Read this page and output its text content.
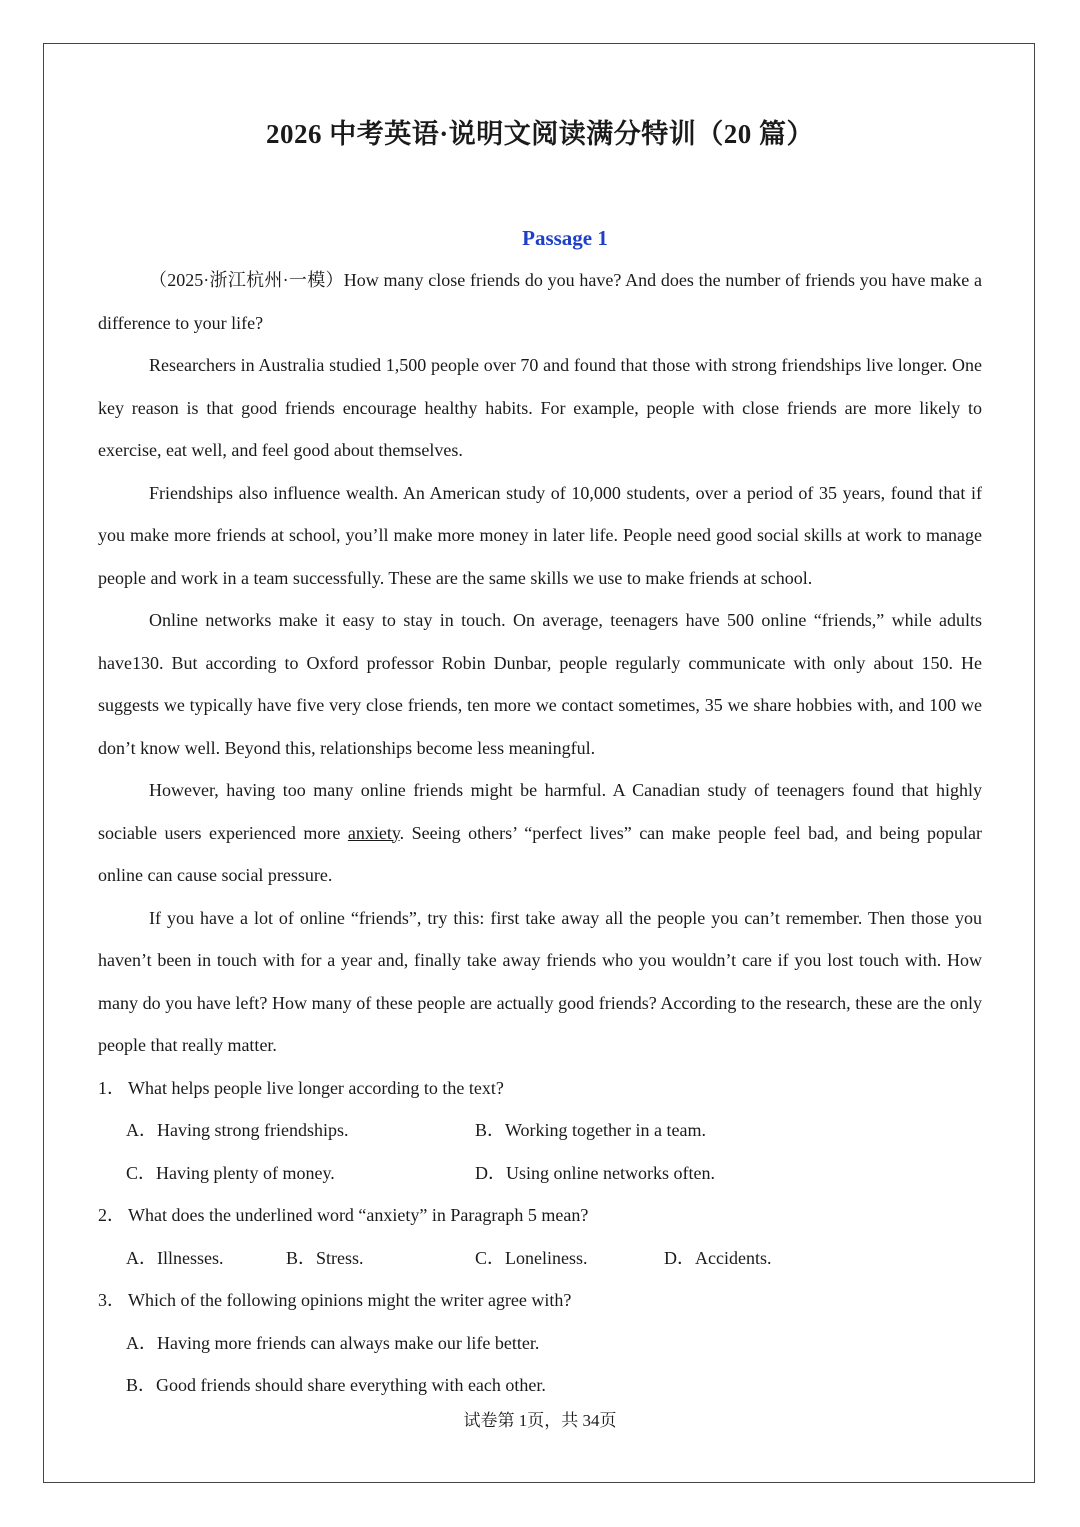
2026 中考英语·说明文阅读满分特训（20 篇）
Passage 1

（2025·浙江杭州·一模）How many close friends do you have? And does the number of friends you have make a difference to your life?

Researchers in Australia studied 1,500 people over 70 and found that those with strong friendships live longer. One key reason is that good friends encourage healthy habits. For example, people with close friends are more likely to exercise, eat well, and feel good about themselves.

Friendships also influence wealth. An American study of 10,000 students, over a period of 35 years, found that if you make more friends at school, you’ll make more money in later life. People need good social skills at work to manage people and work in a team successfully. These are the same skills we use to make friends at school.

Online networks make it easy to stay in touch. On average, teenagers have 500 online “friends,” while adults have130. But according to Oxford professor Robin Dunbar, people regularly communicate with only about 150. He suggests we typically have five very close friends, ten more we contact sometimes, 35 we share hobbies with, and 100 we don’t know well. Beyond this, relationships become less meaningful.

However, having too many online friends might be harmful. A Canadian study of teenagers found that highly sociable users experienced more anxiety. Seeing others’ “perfect lives” can make people feel bad, and being popular online can cause social pressure.

If you have a lot of online “friends”, try this: first take away all the people you can’t remember. Then those you haven’t been in touch with for a year and, finally take away friends who you wouldn’t care if you lost touch with. How many do you have left? How many of these people are actually good friends? According to the research, these are the only people that really matter.

1． What helps people live longer according to the text?
A．Having strong friendships.	B．Working together in a team.
C．Having plenty of money.	D．Using online networks often.
2． What does the underlined word “anxiety” in Paragraph 5 mean?
A．Illnesses.	B．Stress.	C．Loneliness.	D．Accidents.
3． Which of the following opinions might the writer agree with?
A．Having more friends can always make our life better.
B．Good friends should share everything with each other.
试卷第 1页，共 34页
